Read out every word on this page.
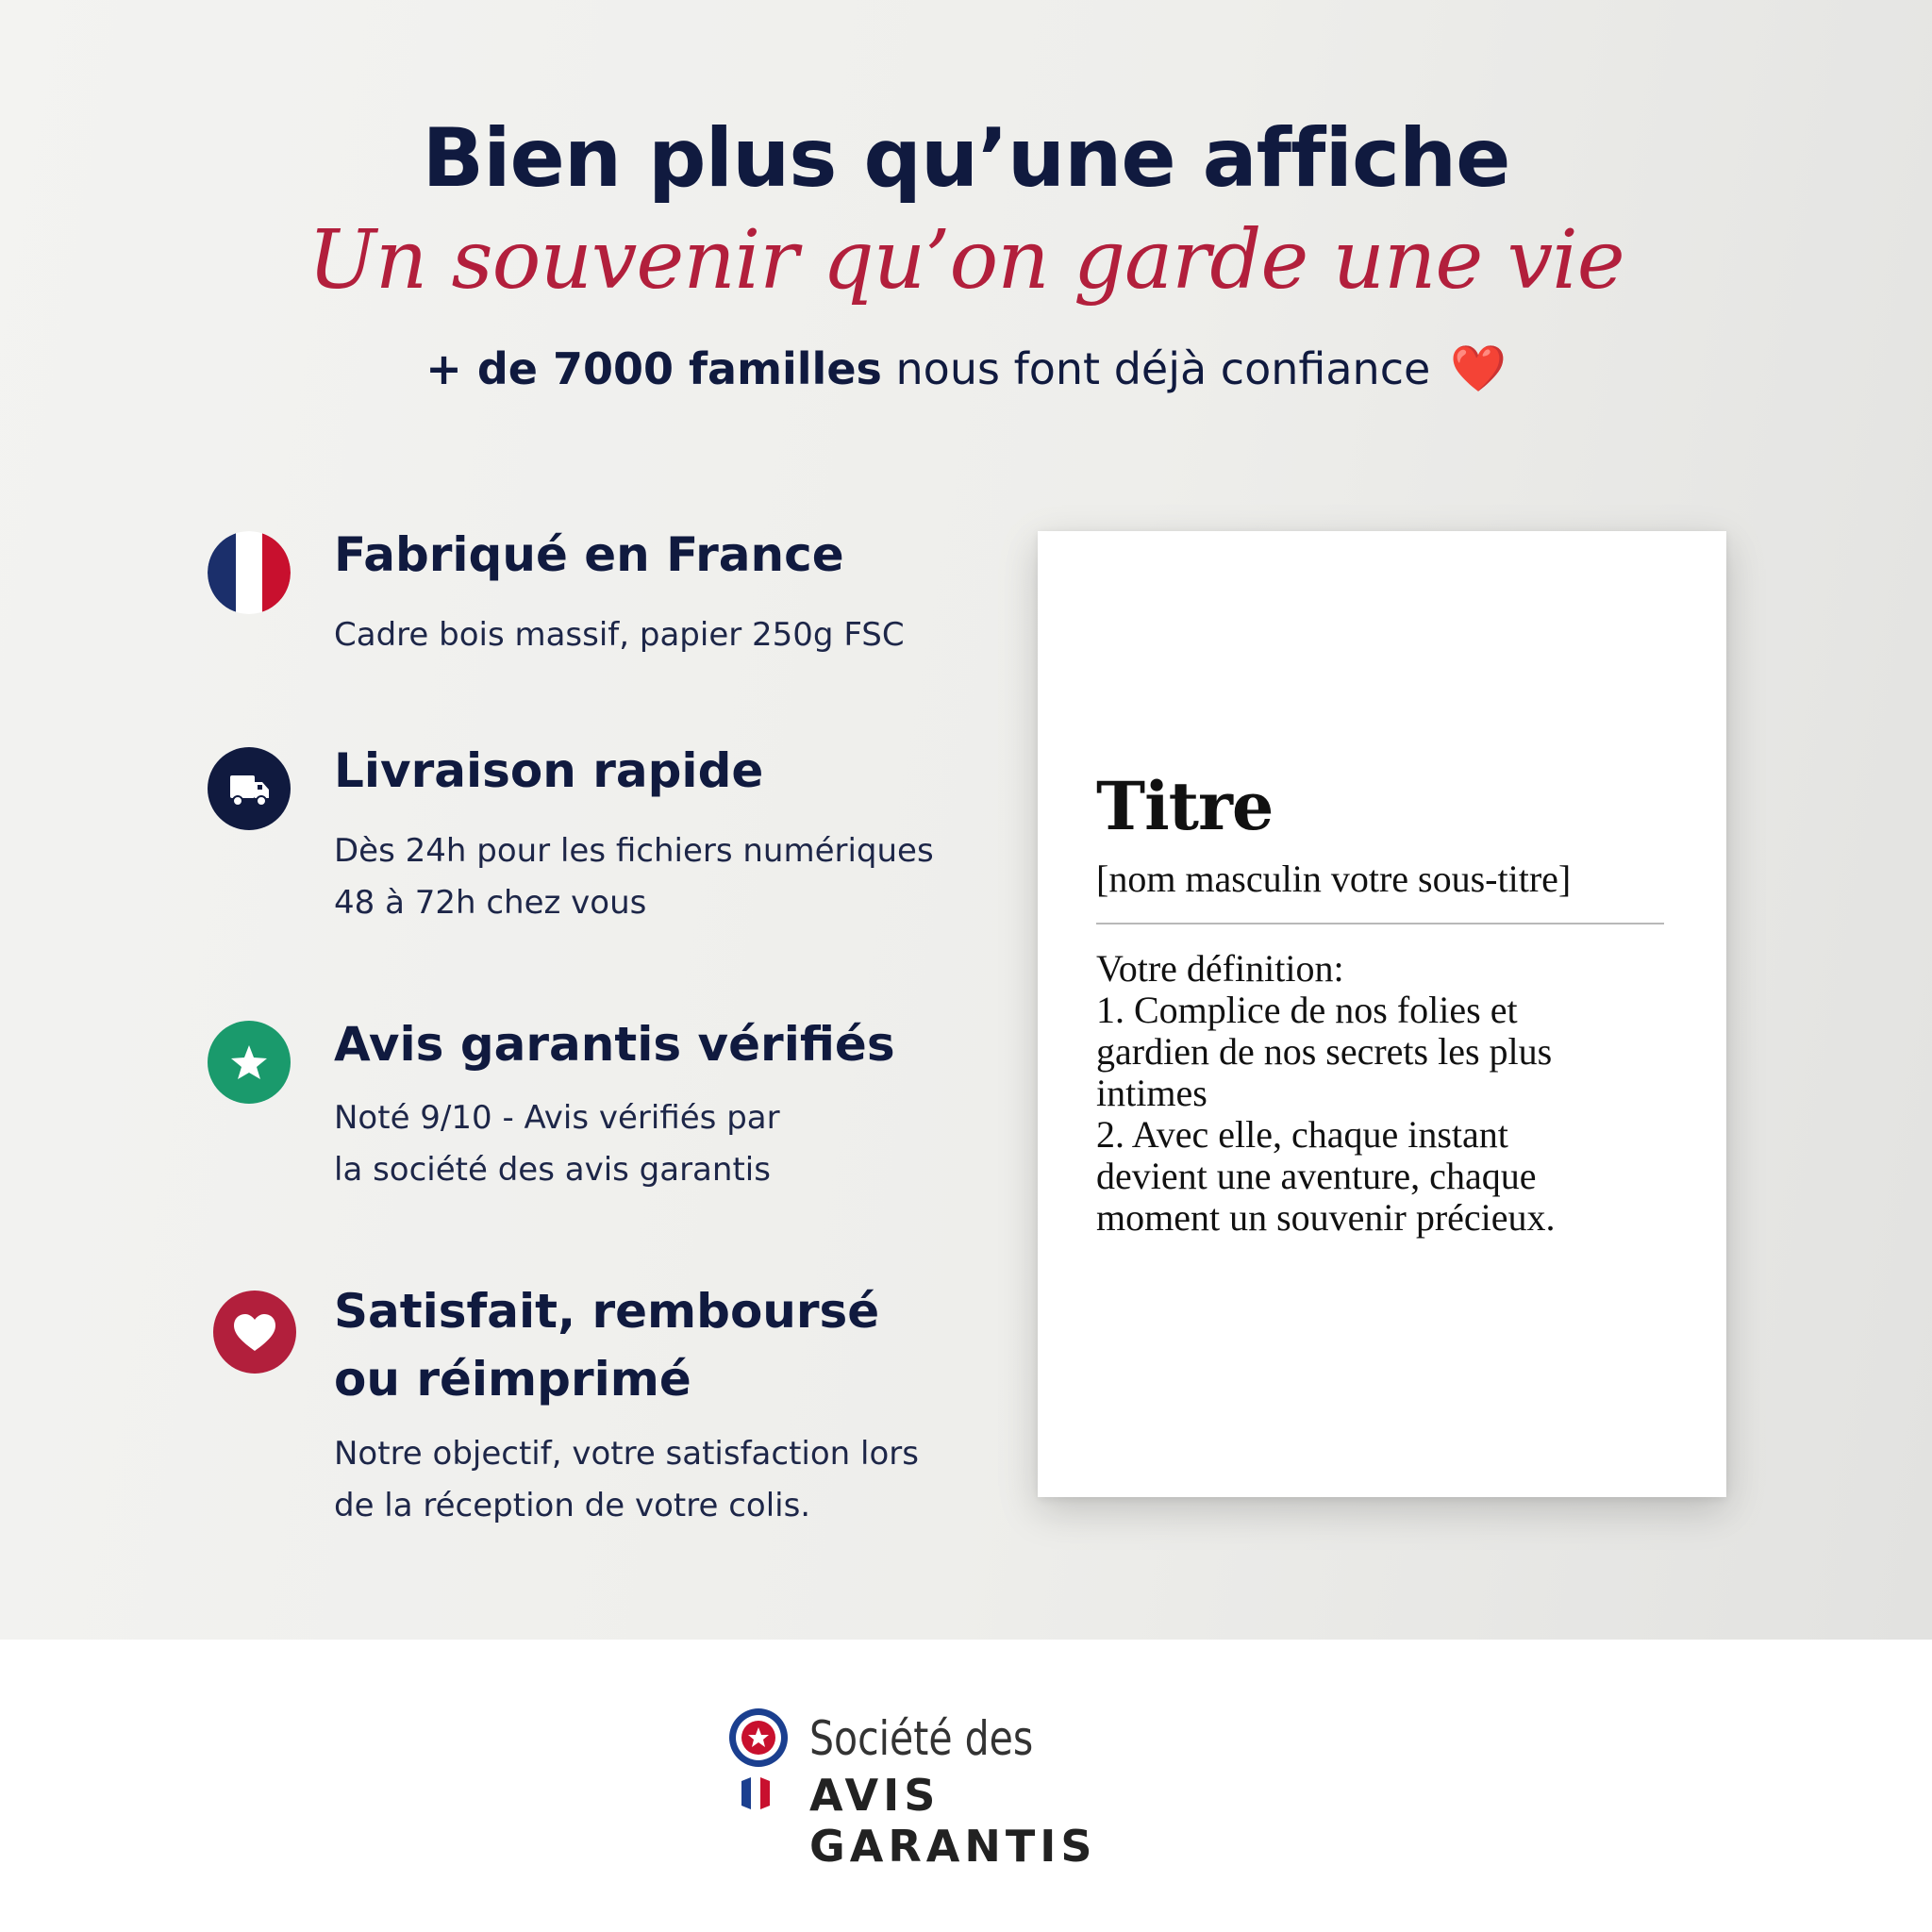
Bien plus qu’une affiche
Un souvenir qu’on garde une vie
+ de 7000 familles nous font déjà confiance ❤️
Fabriqué en France
Cadre bois massif, papier 250g FSC
Livraison rapide
Dès 24h pour les fichiers numériques
48 à 72h chez vous
Avis garantis vérifiés
Noté 9/10 - Avis vérifiés par
la société des avis garantis
Satisfait, remboursé
ou réimprimé
Notre objectif, votre satisfaction lors
de la réception de votre colis.
Titre
[nom masculin votre sous-titre]
Votre définition:
1. Complice de nos folies et
gardien de nos secrets les plus
intimes
2. Avec elle, chaque instant
devient une aventure, chaque
moment un souvenir précieux.
Société des
AVIS GARANTIS
